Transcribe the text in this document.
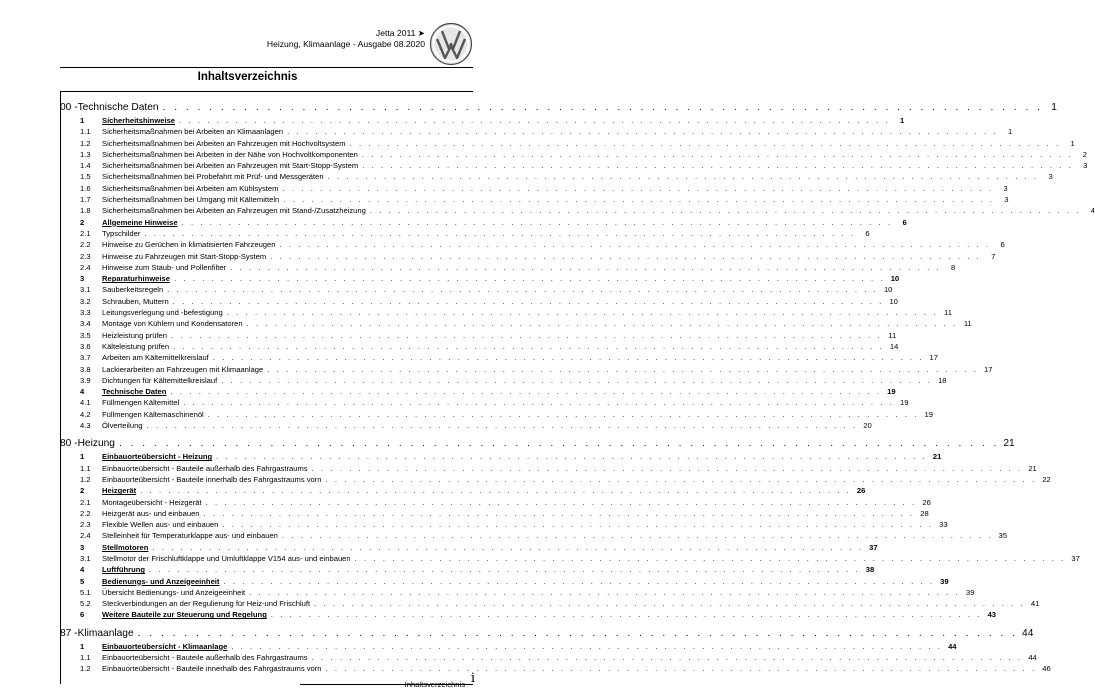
Jetta 2011 ➤
Heizung, Klimaanlage - Ausgabe 08.2020
Inhaltsverzeichnis
00 - Technische Daten . . . . . . . . . . . . . . . . . . . . . . . . . . . . . . . . . . . . . . . . . . . . . . . . . . . . . . . . . . . . . . . . . . . . . . . . . . . . 1
1	Sicherheitshinweise . . . . . . . . . . . . . . . . . . . . . . . . . . . . . . . . . . . . . . . . . . . . . . . . . . . . . . . . . . . . . . . . . . . . . . . . . . . .	1
1.1	Sicherheitsmaßnahmen bei Arbeiten an Klimaanlagen . . . . . . . . . . . . . . . . . . . . . . . . . . . . . . . . . . . . . . . . . . . . . . . . . . . . . . . . . . . . . . . . . . . . . . . . . . . .	1
1.2	Sicherheitsmaßnahmen bei Arbeiten an Fahrzeugen mit Hochvoltsystem . . . . . . . . . . . . . . . . . . . . . . . . . . . . . . . . . . . . . . . . . . . . . . . . . . . . . . . . . . . . . . . . . . . . . . . . . . . .	1
1.3	Sicherheitsmaßnahmen bei Arbeiten in der Nähe von Hochvoltkomponenten . . . . . . . . . . . . . . . . . . . . . . . . . . . . . . . . . . . . . . . . . . . . . . . . . . . . . . . . . . . . . . . . . . . . . . . . . . . .	2
1.4	Sicherheitsmaßnahmen bei Arbeiten an Fahrzeugen mit Start-Stopp-System . . . . . . . . . . . . . . . . . . . . . . . . . . . . . . . . . . . . . . . . . . . . . . . . . . . . . . . . . . . . . . . . . . . . . . . . . . . .	3
1.5	Sicherheitsmaßnahmen bei Probefahrt mit Prüf- und Messgeräten . . . . . . . . . . . . . . . . . . . . . . . . . . . . . . . . . . . . . . . . . . . . . . . . . . . . . . . . . . . . . . . . . . . . . . . . . . . .	3
1.6	Sicherheitsmaßnahmen bei Arbeiten am Kühlsystem . . . . . . . . . . . . . . . . . . . . . . . . . . . . . . . . . . . . . . . . . . . . . . . . . . . . . . . . . . . . . . . . . . . . . . . . . . . .	3
1.7	Sicherheitsmaßnahmen bei Umgang mit Kältemitteln . . . . . . . . . . . . . . . . . . . . . . . . . . . . . . . . . . . . . . . . . . . . . . . . . . . . . . . . . . . . . . . . . . . . . . . . . . . .	3
1.8	Sicherheitsmaßnahmen bei Arbeiten an Fahrzeugen mit Stand-/Zusatzheizung . . . . . . . . . . . . . . . . . . . . . . . . . . . . . . . . . . . . . . . . . . . . . . . . . . . . . . . . . . . . . . . . . . . . . . . . . . . .	4
2	Allgemeine Hinweise . . . . . . . . . . . . . . . . . . . . . . . . . . . . . . . . . . . . . . . . . . . . . . . . . . . . . . . . . . . . . . . . . . . . . . . . . . . .	6
2.1	Typschilder . . . . . . . . . . . . . . . . . . . . . . . . . . . . . . . . . . . . . . . . . . . . . . . . . . . . . . . . . . . . . . . . . . . . . . . . . . . .	6
2.2	Hinweise zu Gerüchen in klimatisierten Fahrzeugen . . . . . . . . . . . . . . . . . . . . . . . . . . . . . . . . . . . . . . . . . . . . . . . . . . . . . . . . . . . . . . . . . . . . . . . . . . . .	6
2.3	Hinweise zu Fahrzeugen mit Start-Stopp-System . . . . . . . . . . . . . . . . . . . . . . . . . . . . . . . . . . . . . . . . . . . . . . . . . . . . . . . . . . . . . . . . . . . . . . . . . . . .	7
2.4	Hinweise zum Staub- und Pollenfilter . . . . . . . . . . . . . . . . . . . . . . . . . . . . . . . . . . . . . . . . . . . . . . . . . . . . . . . . . . . . . . . . . . . . . . . . . . . .	8
3	Reparaturhinweise . . . . . . . . . . . . . . . . . . . . . . . . . . . . . . . . . . . . . . . . . . . . . . . . . . . . . . . . . . . . . . . . . . . . . . . . . . . . 10
3.1	Sauberkeitsregeln . . . . . . . . . . . . . . . . . . . . . . . . . . . . . . . . . . . . . . . . . . . . . . . . . . . . . . . . . . . . . . . . . . . . . . . . . . . . 10
3.2	Schrauben, Muttern . . . . . . . . . . . . . . . . . . . . . . . . . . . . . . . . . . . . . . . . . . . . . . . . . . . . . . . . . . . . . . . . . . . . . . . . . . . . 10
3.3	Leitungsverlegung und -befestigung . . . . . . . . . . . . . . . . . . . . . . . . . . . . . . . . . . . . . . . . . . . . . . . . . . . . . . . . . . . . . . . . . . . . . . . . . . . . 11
3.4	Montage von Kühlern und Kondensatoren . . . . . . . . . . . . . . . . . . . . . . . . . . . . . . . . . . . . . . . . . . . . . . . . . . . . . . . . . . . . . . . . . . . . . . . . . . . . 11
3.5	Heizleistung prüfen . . . . . . . . . . . . . . . . . . . . . . . . . . . . . . . . . . . . . . . . . . . . . . . . . . . . . . . . . . . . . . . . . . . . . . . . . . . . 11
3.6	Kälteleistung prüfen . . . . . . . . . . . . . . . . . . . . . . . . . . . . . . . . . . . . . . . . . . . . . . . . . . . . . . . . . . . . . . . . . . . . . . . . . . . . 14
3.7	Arbeiten am Kältemittelkreislauf . . . . . . . . . . . . . . . . . . . . . . . . . . . . . . . . . . . . . . . . . . . . . . . . . . . . . . . . . . . . . . . . . . . . . . . . . . . . 17
3.8	Lackierarbeiten an Fahrzeugen mit Klimaanlage . . . . . . . . . . . . . . . . . . . . . . . . . . . . . . . . . . . . . . . . . . . . . . . . . . . . . . . . . . . . . . . . . . . . . . . . . . . . 17
3.9	Dichtungen für Kältemittelkreislauf . . . . . . . . . . . . . . . . . . . . . . . . . . . . . . . . . . . . . . . . . . . . . . . . . . . . . . . . . . . . . . . . . . . . . . . . . . . . 18
4	Technische Daten . . . . . . . . . . . . . . . . . . . . . . . . . . . . . . . . . . . . . . . . . . . . . . . . . . . . . . . . . . . . . . . . . . . . . . . . . . . . 19
4.1	Füllmengen Kältemittel . . . . . . . . . . . . . . . . . . . . . . . . . . . . . . . . . . . . . . . . . . . . . . . . . . . . . . . . . . . . . . . . . . . . . . . . . . . . 19
4.2	Füllmengen Kältemaschinenöl . . . . . . . . . . . . . . . . . . . . . . . . . . . . . . . . . . . . . . . . . . . . . . . . . . . . . . . . . . . . . . . . . . . . . . . . . . . . 19
4.3	Ölverteilung . . . . . . . . . . . . . . . . . . . . . . . . . . . . . . . . . . . . . . . . . . . . . . . . . . . . . . . . . . . . . . . . . . . . . . . . . . . . 20
80 - Heizung . . . . . . . . . . . . . . . . . . . . . . . . . . . . . . . . . . . . . . . . . . . . . . . . . . . . . . . . . . . . . . . . . . . . . . . . . . . . 21
1	Einbauorteübersicht - Heizung . . . . . . . . . . . . . . . . . . . . . . . . . . . . . . . . . . . . . . . . . . . . . . . . . . . . . . . . . . . . . . . . . . . . . . . . . . . . 21
1.1	Einbauorteübersicht - Bauteile außerhalb des Fahrgastraums . . . . . . . . . . . . . . . . . . . . . . . . . . . . . . . . . . . . . . . . . . . . . . . . . . . . . . . . . . . . . . . . . . . . . . . . . . . . 21
1.2	Einbauorteübersicht - Bauteile innerhalb des Fahrgastraums vorn . . . . . . . . . . . . . . . . . . . . . . . . . . . . . . . . . . . . . . . . . . . . . . . . . . . . . . . . . . . . . . . . . . . . . . . . . . . . 22
2	Heizgerät . . . . . . . . . . . . . . . . . . . . . . . . . . . . . . . . . . . . . . . . . . . . . . . . . . . . . . . . . . . . . . . . . . . . . . . . . . . . 26
2.1	Montageübersicht - Heizgerät . . . . . . . . . . . . . . . . . . . . . . . . . . . . . . . . . . . . . . . . . . . . . . . . . . . . . . . . . . . . . . . . . . . . . . . . . . . . 26
2.2	Heizgerät aus- und einbauen . . . . . . . . . . . . . . . . . . . . . . . . . . . . . . . . . . . . . . . . . . . . . . . . . . . . . . . . . . . . . . . . . . . . . . . . . . . . 28
2.3	Flexible Wellen aus- und einbauen . . . . . . . . . . . . . . . . . . . . . . . . . . . . . . . . . . . . . . . . . . . . . . . . . . . . . . . . . . . . . . . . . . . . . . . . . . . . 33
2.4	Stelleinheit für Temperaturklappe aus- und einbauen . . . . . . . . . . . . . . . . . . . . . . . . . . . . . . . . . . . . . . . . . . . . . . . . . . . . . . . . . . . . . . . . . . . . . . . . . . . . 35
3	Stellmotoren . . . . . . . . . . . . . . . . . . . . . . . . . . . . . . . . . . . . . . . . . . . . . . . . . . . . . . . . . . . . . . . . . . . . . . . . . . . . 37
3.1	Stellmotor der Frischluftklappe und Umluftklappe V154 aus- und einbauen . . . . . . . . . . . . . . . . . . . . . . . . . . . . . . . . . . . . . . . . . . . . . . . . . . . . . . . . . . . . . . . . . . . . . . . . . . . . 37
4	Luftführung . . . . . . . . . . . . . . . . . . . . . . . . . . . . . . . . . . . . . . . . . . . . . . . . . . . . . . . . . . . . . . . . . . . . . . . . . . . . 38
5	Bedienungs- und Anzeigeeinheit . . . . . . . . . . . . . . . . . . . . . . . . . . . . . . . . . . . . . . . . . . . . . . . . . . . . . . . . . . . . . . . . . . . . . . . . . . . . 39
5.1	Übersicht Bedienungs- und Anzeigeeinheit . . . . . . . . . . . . . . . . . . . . . . . . . . . . . . . . . . . . . . . . . . . . . . . . . . . . . . . . . . . . . . . . . . . . . . . . . . . . 39
5.2	Steckverbindungen an der Regulierung für Heiz-und Frischluft . . . . . . . . . . . . . . . . . . . . . . . . . . . . . . . . . . . . . . . . . . . . . . . . . . . . . . . . . . . . . . . . . . . . . . . . . . . . 41
6	Weitere Bauteile zur Steuerung und Regelung . . . . . . . . . . . . . . . . . . . . . . . . . . . . . . . . . . . . . . . . . . . . . . . . . . . . . . . . . . . . . . . . . . . . . . . . . . . . 43
87 - Klimaanlage . . . . . . . . . . . . . . . . . . . . . . . . . . . . . . . . . . . . . . . . . . . . . . . . . . . . . . . . . . . . . . . . . . . . . . . . . . . . 44
1	Einbauorteübersicht - Klimaanlage . . . . . . . . . . . . . . . . . . . . . . . . . . . . . . . . . . . . . . . . . . . . . . . . . . . . . . . . . . . . . . . . . . . . . . . . . . . . 44
1.1	Einbauorteübersicht - Bauteile außerhalb des Fahrgastraums . . . . . . . . . . . . . . . . . . . . . . . . . . . . . . . . . . . . . . . . . . . . . . . . . . . . . . . . . . . . . . . . . . . . . . . . . . . . 44
1.2	Einbauorteübersicht - Bauteile innerhalb des Fahrgastraums vorn . . . . . . . . . . . . . . . . . . . . . . . . . . . . . . . . . . . . . . . . . . . . . . . . . . . . . . . . . . . . . . . . . . . . . . . . . . . . 46
Inhaltsverzeichnis i
